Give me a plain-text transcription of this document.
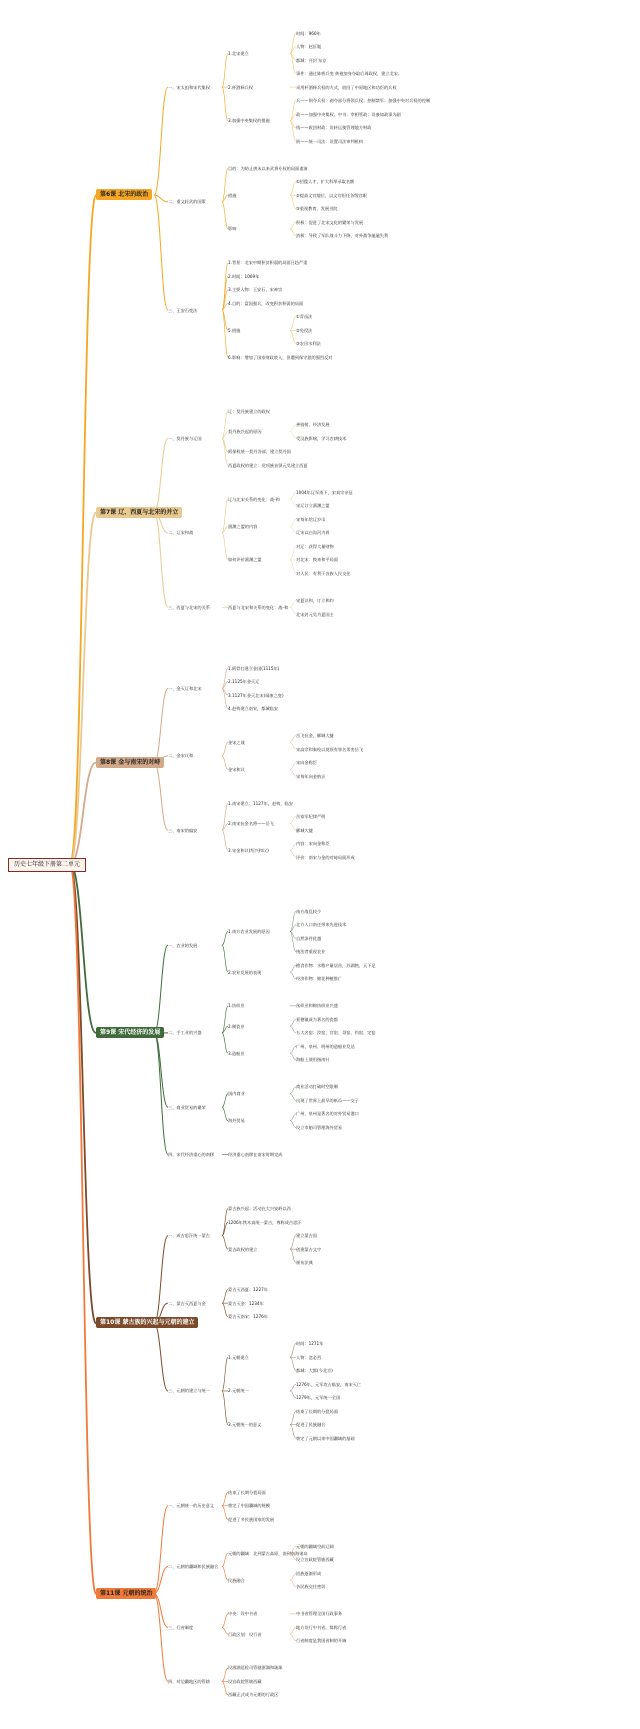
历史七年级下册第二单元
第6课 北宋的政治
一、宋太祖和宋代集权
1.北宋建立
时间：960年
人物：赵匡胤
都城：开封 东京
事件：通过陈桥兵变 黄袍加身夺取后周政权，建立北宋。
2.杯酒释兵权	采用杯酒释兵权的方式，收回了中原地区和功臣的兵权
3.加强中央集权的措施
兵——削夺兵权：剥夺部分将领兵权；控制禁军；加强中央对兵权的控制
政——加强中央集权；中书：宰相管政；设参知政事为副
钱——收回财政：设转运使管理地方财政
刑——统一司法：设置司法审判机构
二、重文轻武的国策
目的：为防止唐末以来武将专权的局面重演
措施
①招揽人才，扩大科举录取名额
②提高文官地位，以文官担任各级官职
③重视教育，发展书院
影响
积极：促进了北宋文化的繁荣与发展
消极：导致了军队战斗力下降，对外战争屡屡失利
三、王安石变法
1.背景：北宋中期积贫积弱的局面日趋严重
2.时间：1069年
3.主要人物：王安石、宋神宗
4.目的：富国强兵，改变积贫积弱的局面
5.措施
①青苗法
②免役法
③农田水利法
6.影响：增加了国家财政收入，但遭到保守派的强烈反对
第7课 辽、西夏与北宋的并立
一、契丹族与辽国
辽：契丹族建立的政权
契丹族兴起的原因
善骑射，经济发展
受汉族影响，学习农耕技术
阿保机统一契丹各部，建立契丹国
西夏政权的建立：党项族首领元昊建立西夏
二、辽宋和战
辽与北宋关系的变化：战-和
1004年辽军南下，宋真宗亲征
宋辽订立澶渊之盟
澶渊之盟的内容
宋每年给辽岁币
辽宋以白沟河为界
如何评价澶渊之盟
对辽：获得大量财物
对北宋：换来和平局面
对人民：有利于各族人民交往
三、西夏与北宋的关系	西夏与北宋和关系的变化：战-和
宋夏议和，订立和约
北宋封元昊为夏国主
第8课 金与南宋的对峙
一、金灭辽和北宋
1.阿骨打建立金国(1115年)
2.1125年金灭辽
3.1127年金灭北宋(靖康之变)
4.赵构建立南宋，都城临安
二、金宋议和
金宋之战
岳飞抗金，郾城大捷
宋高宗和秦桧以莫须有罪名杀害岳飞
金宋和议
宋向金称臣
宋每年向金纳贡
三、南宋的偏安
1.南宋建立：1127年，赵构，临安
2.南宋抗金名将——岳飞
岳家军纪律严明
郾城大捷
3.宋金和议(绍兴和议)
内容：宋向金称臣
评价：南宋与金的对峙局面形成
第9课 宋代经济的发展
一、农业的发展
1.南方农业发展的原因
南方战乱较少
北方人口南迁带来先进技术
自然条件优越
统治者重视农业
2.农业发展的表现
粮食作物：水稻产量居首，苏湖熟，天下足
经济作物：棉花种植推广
二、手工业的兴盛
1.纺织业	丝织业和棉纺织业兴盛
2.制瓷业
景德镇成为著名的瓷都
五大名窑：汝窑、官窑、哥窑、钧窑、定窑
3.造船业
广州、泉州、明州的造船业发达
海船上使用指南针
三、商业贸易的繁荣
国内商业
商业活动打破时空限制
出现了世界上最早的纸币——交子
海外贸易
广州、泉州是著名的对外贸易港口
设立市舶司管理海外贸易
四、宋代经济重心的南移	经济重心南移在南宋时期完成
第10课 蒙古族的兴起与元朝的建立
一、成吉思汗统一蒙古
蒙古族兴起：活动在大兴安岭以西
1206年铁木真统一蒙古，尊称成吉思汗
蒙古政权的建立
建立蒙古国
创建蒙古文字
颁布法典
二、蒙古灭西夏与金
蒙古灭西夏：1227年
蒙古灭金：1234年
蒙古灭南宋：1276年
三、元朝的建立与统一
1.元朝建立
时间：1271年
人物：忽必烈
都城：大都(今北京)
2.元朝统一
1276年，元军攻占临安，南宋灭亡
1279年，元军统一全国
3.元朝统一的意义
结束了长期的分裂局面
促进了民族融合
奠定了元朝以来中国疆域的基础
第11课 元朝的统治
一、元朝统一的历史意义
结束了长期分裂局面
奠定了中国疆域的规模
促进了多民族国家的发展
二、元朝的疆域和民族融合
元朝的疆域：北到蒙古高原，南到南海诸岛
元朝的疆域空前辽阔
设立宣政院管辖西藏
民族融合
回族逐渐形成
各民族交往密切
三、行省制度
中央：设中书省	中书省管理全国行政事务
行政区划：设行省
地方设行中书省，简称行省
行省制度是我国省制的开端
四、对边疆地区的管辖
设澎湖巡检司管辖澎湖和琉球
设宣政院管辖西藏
西藏正式成为元朝的行政区
